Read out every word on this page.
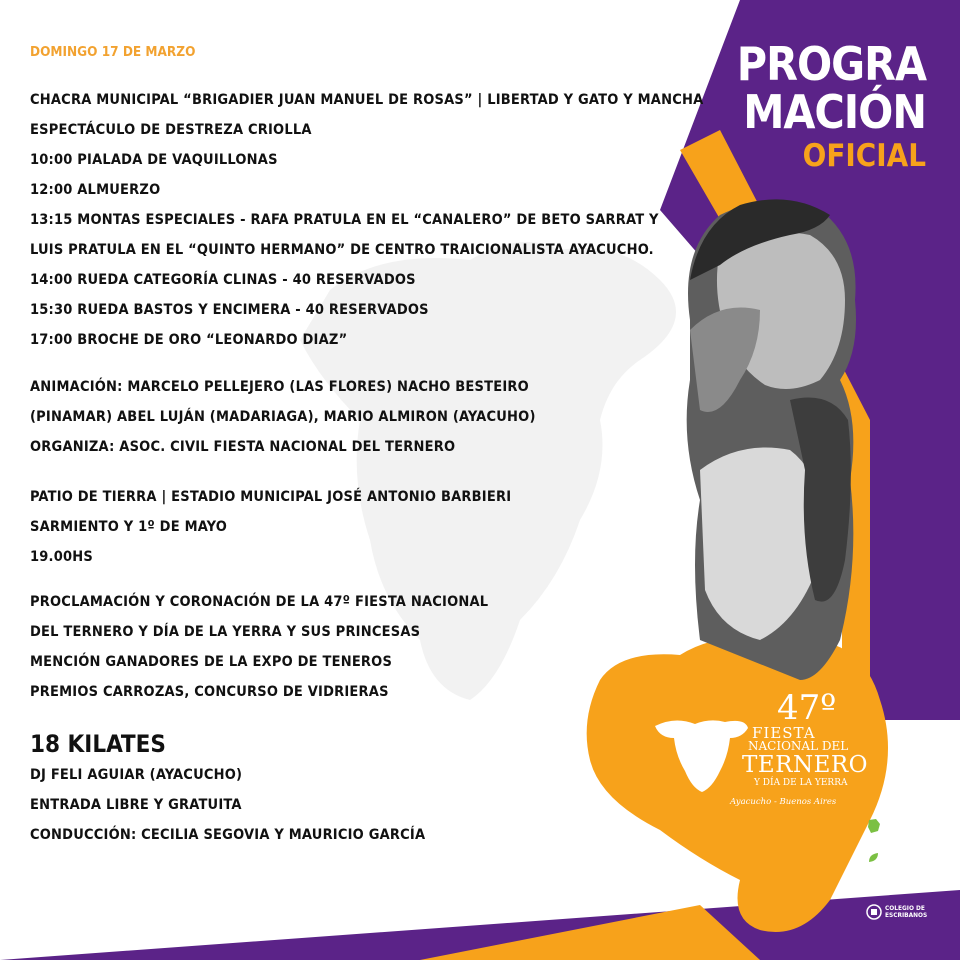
PROGRA
MACIÓN
OFICIAL
DOMINGO 17 DE MARZO
CHACRA MUNICIPAL “BRIGADIER JUAN MANUEL DE ROSAS” | LIBERTAD Y GATO Y MANCHA
ESPECTÁCULO DE DESTREZA CRIOLLA
10:00 PIALADA DE VAQUILLONAS
12:00 ALMUERZO
13:15 MONTAS ESPECIALES - RAFA PRATULA EN EL “CANALERO” DE BETO SARRAT Y
LUIS PRATULA EN EL “QUINTO HERMANO” DE CENTRO TRAICIONALISTA AYACUCHO.
14:00 RUEDA CATEGORÍA CLINAS - 40 RESERVADOS
15:30 RUEDA BASTOS Y ENCIMERA - 40 RESERVADOS
17:00 BROCHE DE ORO “LEONARDO DIAZ”
ANIMACIÓN: MARCELO PELLEJERO (LAS FLORES) NACHO BESTEIRO
(PINAMAR) ABEL LUJÁN (MADARIAGA), MARIO ALMIRON (AYACUHO)
ORGANIZA: ASOC. CIVIL FIESTA NACIONAL DEL TERNERO
PATIO DE TIERRA | ESTADIO MUNICIPAL JOSÉ ANTONIO BARBIERI
SARMIENTO Y 1º DE MAYO
19.00HS
PROCLAMACIÓN Y CORONACIÓN DE LA 47º FIESTA NACIONAL
DEL TERNERO Y DÍA DE LA YERRA Y SUS PRINCESAS
MENCIÓN GANADORES DE LA EXPO DE TENEROS
PREMIOS CARROZAS, CONCURSO DE VIDRIERAS
18 KILATES
DJ FELI AGUIAR (AYACUCHO)
ENTRADA LIBRE Y GRATUITA
CONDUCCIÓN: CECILIA SEGOVIA Y MAURICIO GARCÍA
47º
FIESTA
NACIONAL DEL
TERNERO
Y DÍA DE LA YERRA
Ayacucho - Buenos Aires
Buenos Aires Provincia
Banco Provincia
MUNICIPALIDAD DE AYACUCHO
COLEGIO DE ESCRIBANOS
